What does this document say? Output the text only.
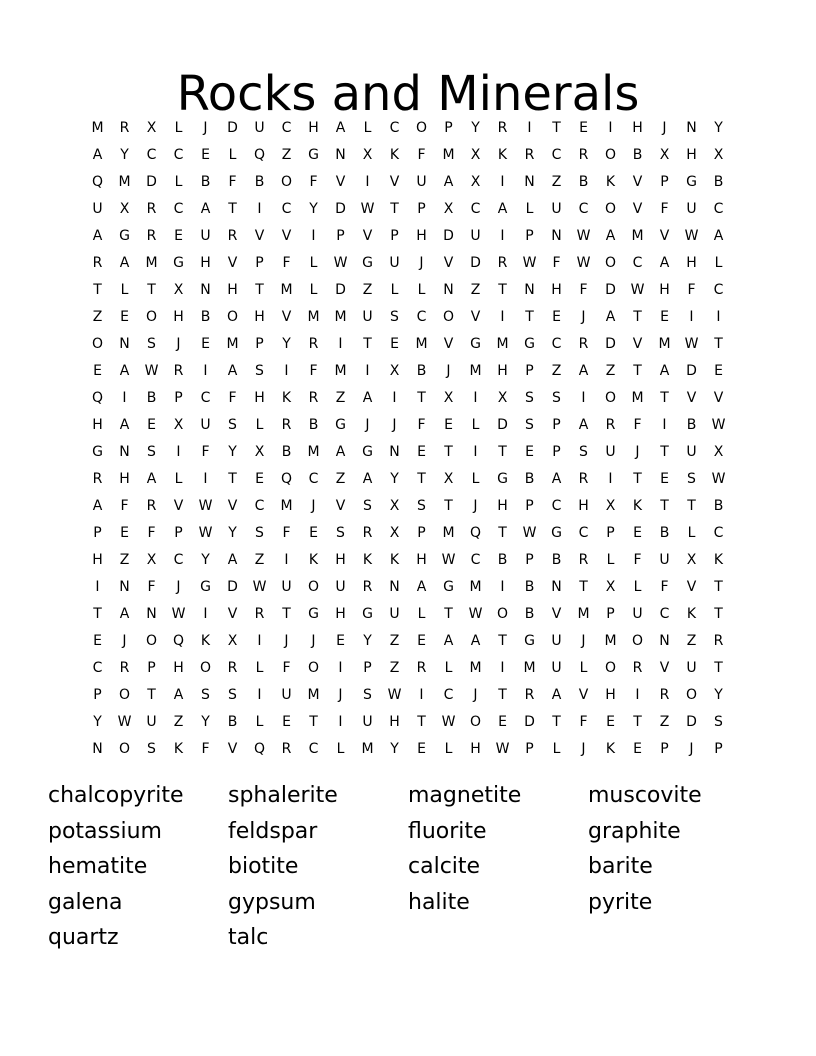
Rocks and Minerals
M	R	X	L	J	D	U	C	H	A	L	C	O	P	Y	R	I	T	E	I	H	J	N	Y
A	Y	C	C	E	L	Q	Z	G	N	X	K	F	M	X	K	R	C	R	O	B	X	H	X
Q	M	D	L	B	F	B	O	F	V	I	V	U	A	X	I	N	Z	B	K	V	P	G	B
U	X	R	C	A	T	I	C	Y	D	W	T	P	X	C	A	L	U	C	O	V	F	U	C
A	G	R	E	U	R	V	V	I	P	V	P	H	D	U	I	P	N	W	A	M	V	W	A
R	A	M	G	H	V	P	F	L	W	G	U	J	V	D	R	W	F	W	O	C	A	H	L
T	L	T	X	N	H	T	M	L	D	Z	L	L	N	Z	T	N	H	F	D	W	H	F	C
Z	E	O	H	B	O	H	V	M	M	U	S	C	O	V	I	T	E	J	A	T	E	I	I
O	N	S	J	E	M	P	Y	R	I	T	E	M	V	G	M	G	C	R	D	V	M	W	T
E	A	W	R	I	A	S	I	F	M	I	X	B	J	M	H	P	Z	A	Z	T	A	D	E
Q	I	B	P	C	F	H	K	R	Z	A	I	T	X	I	X	S	S	I	O	M	T	V	V
H	A	E	X	U	S	L	R	B	G	J	J	F	E	L	D	S	P	A	R	F	I	B	W
G	N	S	I	F	Y	X	B	M	A	G	N	E	T	I	T	E	P	S	U	J	T	U	X
R	H	A	L	I	T	E	Q	C	Z	A	Y	T	X	L	G	B	A	R	I	T	E	S	W
A	F	R	V	W	V	C	M	J	V	S	X	S	T	J	H	P	C	H	X	K	T	T	B
P	E	F	P	W	Y	S	F	E	S	R	X	P	M	Q	T	W	G	C	P	E	B	L	C
H	Z	X	C	Y	A	Z	I	K	H	K	K	H	W	C	B	P	B	R	L	F	U	X	K
I	N	F	J	G	D	W	U	O	U	R	N	A	G	M	I	B	N	T	X	L	F	V	T
T	A	N	W	I	V	R	T	G	H	G	U	L	T	W	O	B	V	M	P	U	C	K	T
E	J	O	Q	K	X	I	J	J	E	Y	Z	E	A	A	T	G	U	J	M	O	N	Z	R
C	R	P	H	O	R	L	F	O	I	P	Z	R	L	M	I	M	U	L	O	R	V	U	T
P	O	T	A	S	S	I	U	M	J	S	W	I	C	J	T	R	A	V	H	I	R	O	Y
Y	W	U	Z	Y	B	L	E	T	I	U	H	T	W	O	E	D	T	F	E	T	Z	D	S
N	O	S	K	F	V	Q	R	C	L	M	Y	E	L	H	W	P	L	J	K	E	P	J	P
chalcopyrite	sphalerite	magnetite	muscovite
potassium	feldspar	fluorite	graphite
hematite	biotite	calcite	barite
galena	gypsum	halite	pyrite
quartz	talc
